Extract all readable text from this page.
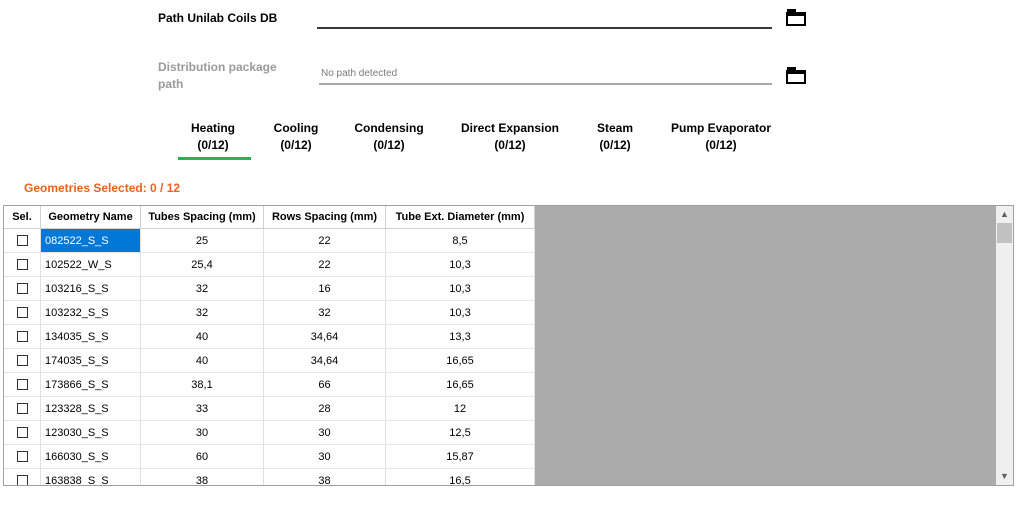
Path Unilab Coils DB
Distribution package path
No path detected
Heating
(0/12)
Cooling
(0/12)
Condensing
(0/12)
Direct Expansion
(0/12)
Steam
(0/12)
Pump Evaporator
(0/12)
Geometries Selected: 0 / 12
Sel.	Geometry Name	Tubes Spacing (mm)	Rows Spacing (mm)	Tube Ext. Diameter (mm)
	082522_S_S	25	22	8,5
	102522_W_S	25,4	22	10,3
	103216_S_S	32	16	10,3
	103232_S_S	32	32	10,3
	134035_S_S	40	34,64	13,3
	174035_S_S	40	34,64	16,65
	173866_S_S	38,1	66	16,65
	123328_S_S	33	28	12
	123030_S_S	30	30	12,5
	166030_S_S	60	30	15,87
	163838_S_S	38	38	16,5
▲
▼
